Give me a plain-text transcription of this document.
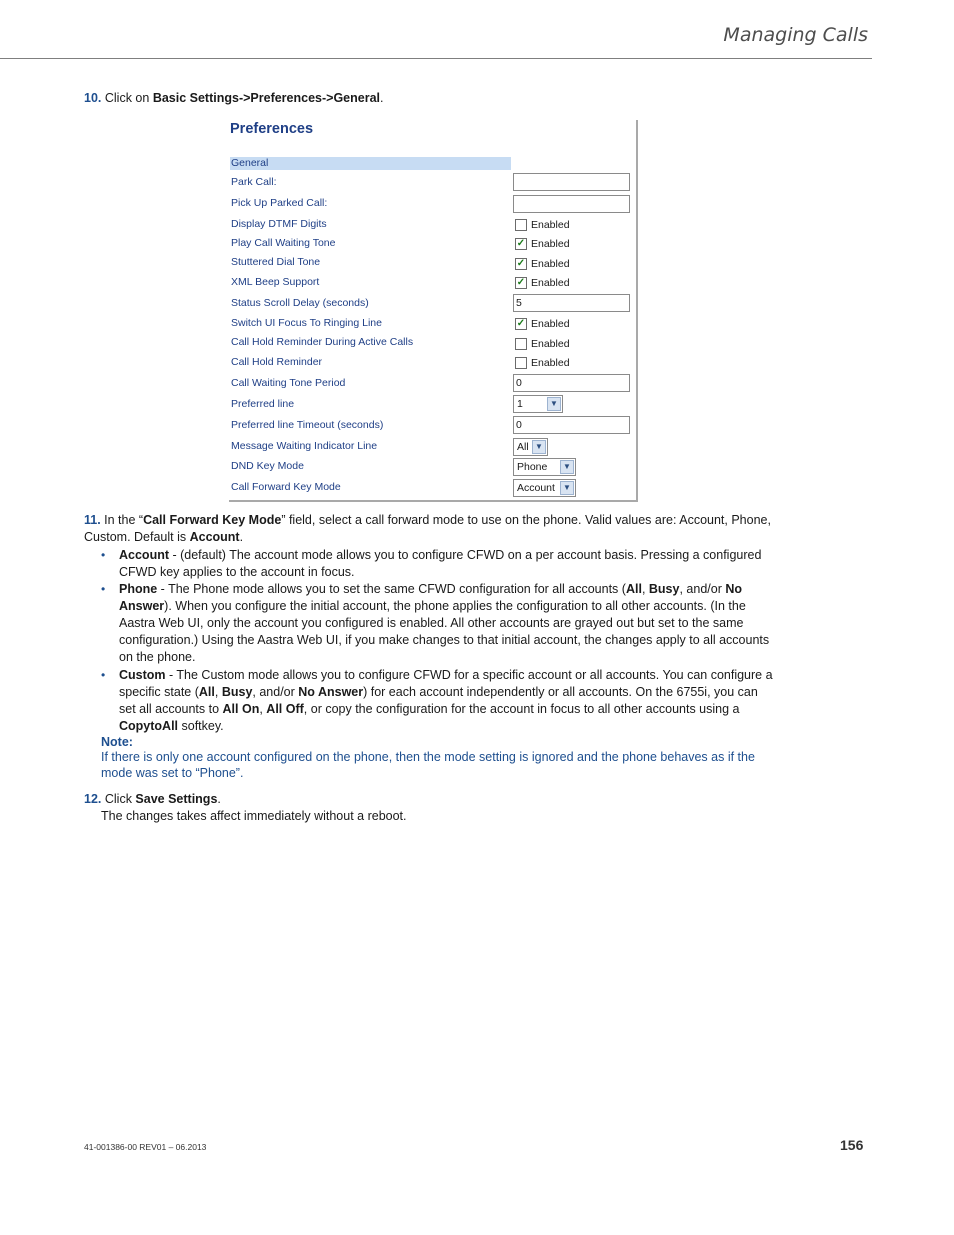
Managing Calls
10. Click on Basic Settings->Preferences->General.
Preferences
General
Park Call:
Pick Up Parked Call:
Display DTMF Digits	Enabled
Play Call Waiting Tone	✓ Enabled
Stuttered Dial Tone	✓ Enabled
XML Beep Support	✓ Enabled
Status Scroll Delay (seconds)	5
Switch UI Focus To Ringing Line	✓ Enabled
Call Hold Reminder During Active Calls	Enabled
Call Hold Reminder	Enabled
Call Waiting Tone Period	0
Preferred line	1	▼
Preferred line Timeout (seconds)	0
Message Waiting Indicator Line	All ▼
DND Key Mode	Phone	▼
Call Forward Key Mode	Account	▼
11. In the “Call Forward Key Mode” field, select a call forward mode to use on the phone. Valid values are: Account, Phone, Custom. Default is Account.
• Account - (default) The account mode allows you to configure CFWD on a per account basis. Pressing a configured CFWD key applies to the account in focus.
• Phone - The Phone mode allows you to set the same CFWD configuration for all accounts (All, Busy, and/or No Answer). When you configure the initial account, the phone applies the configuration to all other accounts. (In the Aastra Web UI, only the account you configured is enabled. All other accounts are grayed out but set to the same configuration.) Using the Aastra Web UI, if you make changes to that initial account, the changes apply to all accounts on the phone.
• Custom - The Custom mode allows you to configure CFWD for a specific account or all accounts. You can configure a specific state (All, Busy, and/or No Answer) for each account independently or all accounts. On the 6755i, you can set all accounts to All On, All Off, or copy the configuration for the account in focus to all other accounts using a CopytoAll softkey.
Note:
If there is only one account configured on the phone, then the mode setting is ignored and the phone behaves as if the mode was set to “Phone”.
12. Click Save Settings.
The changes takes affect immediately without a reboot.
41-001386-00 REV01 – 06.2013	156
